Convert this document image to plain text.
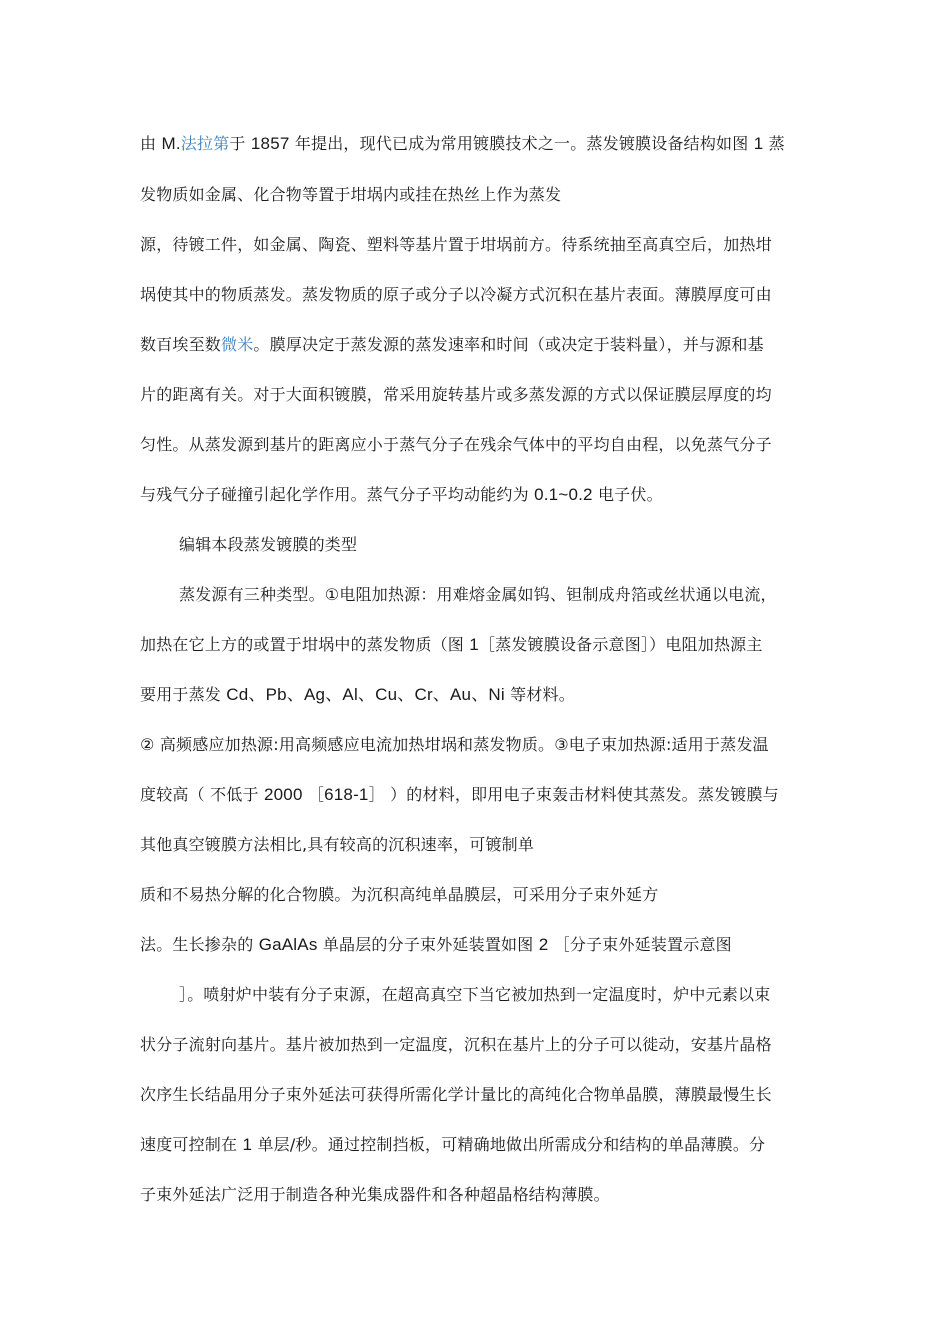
由 M.法拉第于 1857 年提出，现代已成为常用镀膜技术之一。蒸发镀膜设备结构如图 1 蒸
发物质如金属、化合物等置于坩埚内或挂在热丝上作为蒸发
源，待镀工件，如金属、陶瓷、塑料等基片置于坩埚前方。待系统抽至高真空后，加热坩
埚使其中的物质蒸发。蒸发物质的原子或分子以冷凝方式沉积在基片表面。薄膜厚度可由
数百埃至数微米。膜厚决定于蒸发源的蒸发速率和时间（或决定于装料量），并与源和基
片的距离有关。对于大面积镀膜，常采用旋转基片或多蒸发源的方式以保证膜层厚度的均
匀性。从蒸发源到基片的距离应小于蒸气分子在残余气体中的平均自由程，以免蒸气分子
与残气分子碰撞引起化学作用。蒸气分子平均动能约为 0.1~0.2 电子伏。
编辑本段蒸发镀膜的类型
蒸发源有三种类型。①电阻加热源：用难熔金属如钨、钽制成舟箔或丝状通以电流，
加热在它上方的或置于坩埚中的蒸发物质（图 1［蒸发镀膜设备示意图］）电阻加热源主
要用于蒸发 Cd、Pb、Ag、Al、Cu、Cr、Au、Ni 等材料。
② 高频感应加热源:用高频感应电流加热坩埚和蒸发物质。③电子束加热源:适用于蒸发温
度较高（ 不低于 2000 ［618-1］ ）的材料，即用电子束轰击材料使其蒸发。蒸发镀膜与
其他真空镀膜方法相比,具有较高的沉积速率，可镀制单
质和不易热分解的化合物膜。为沉积高纯单晶膜层，可采用分子束外延方
法。生长掺杂的 GaAlAs 单晶层的分子束外延装置如图 2 ［分子束外延装置示意图
］。喷射炉中装有分子束源，在超高真空下当它被加热到一定温度时，炉中元素以束
状分子流射向基片。基片被加热到一定温度，沉积在基片上的分子可以徙动，安基片晶格
次序生长结晶用分子束外延法可获得所需化学计量比的高纯化合物单晶膜，薄膜最慢生长
速度可控制在 1 单层/秒。通过控制挡板，可精确地做出所需成分和结构的单晶薄膜。分
子束外延法广泛用于制造各种光集成器件和各种超晶格结构薄膜。
